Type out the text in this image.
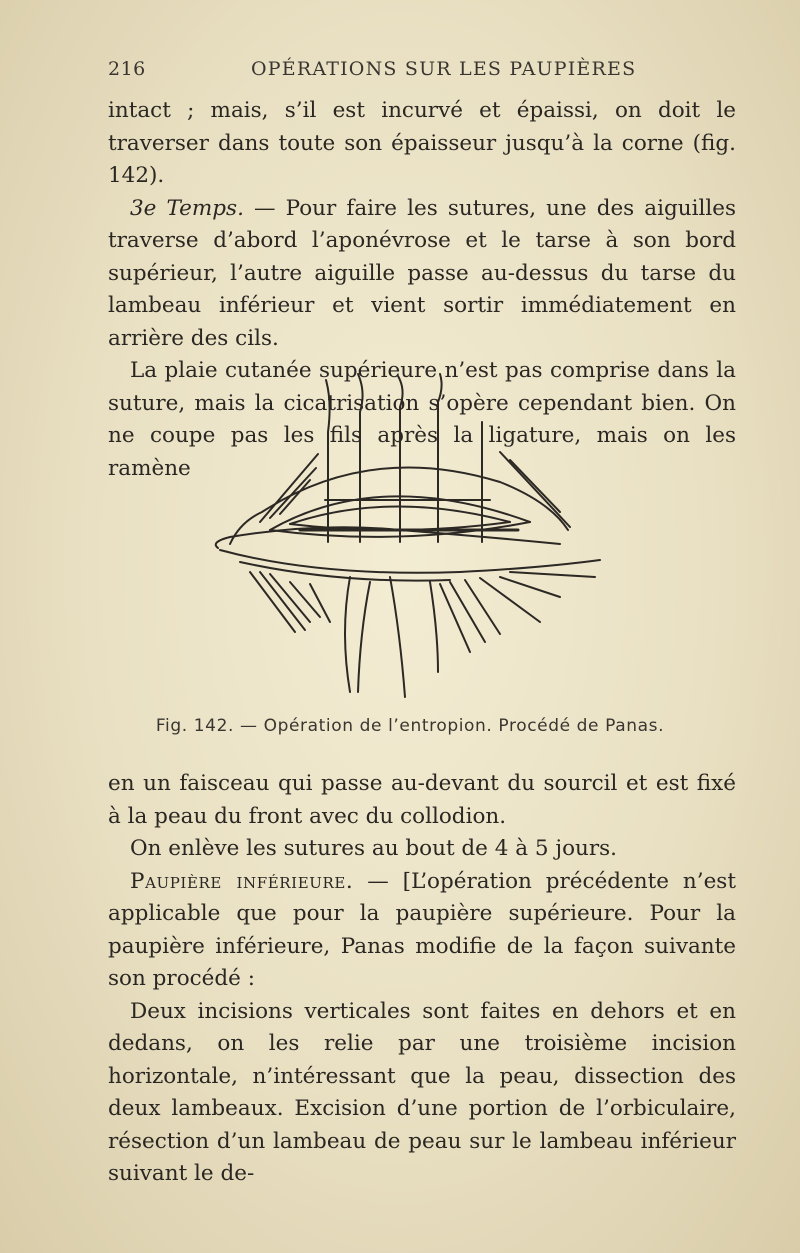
216	OPÉRATIONS SUR LES PAUPIÈRES

intact ; mais, s’il est incurvé et épaissi, on doit le traverser dans toute son épaisseur jusqu’à la corne (fig. 142).

3e Temps. — Pour faire les sutures, une des aiguilles traverse d’abord l’aponévrose et le tarse à son bord supérieur, l’autre aiguille passe au-dessus du tarse du lambeau inférieur et vient sortir immédiatement en arrière des cils.

La plaie cutanée supérieure n’est pas comprise dans la suture, mais la cicatrisation s’opère cependant bien. On ne coupe pas les fils après la ligature, mais on les ramène

Fig. 142. — Opération de l’entropion. Procédé de Panas.

en un faisceau qui passe au-devant du sourcil et est fixé à la peau du front avec du collodion.

On enlève les sutures au bout de 4 à 5 jours.

Paupière inférieure. — [L’opération précédente n’est applicable que pour la paupière supérieure. Pour la paupière inférieure, Panas modifie de la façon suivante son procédé :

Deux incisions verticales sont faites en dehors et en dedans, on les relie par une troisième incision horizontale, n’intéressant que la peau, dissection des deux lambeaux. Excision d’une portion de l’orbiculaire, résection d’un lambeau de peau sur le lambeau inférieur suivant le de-
